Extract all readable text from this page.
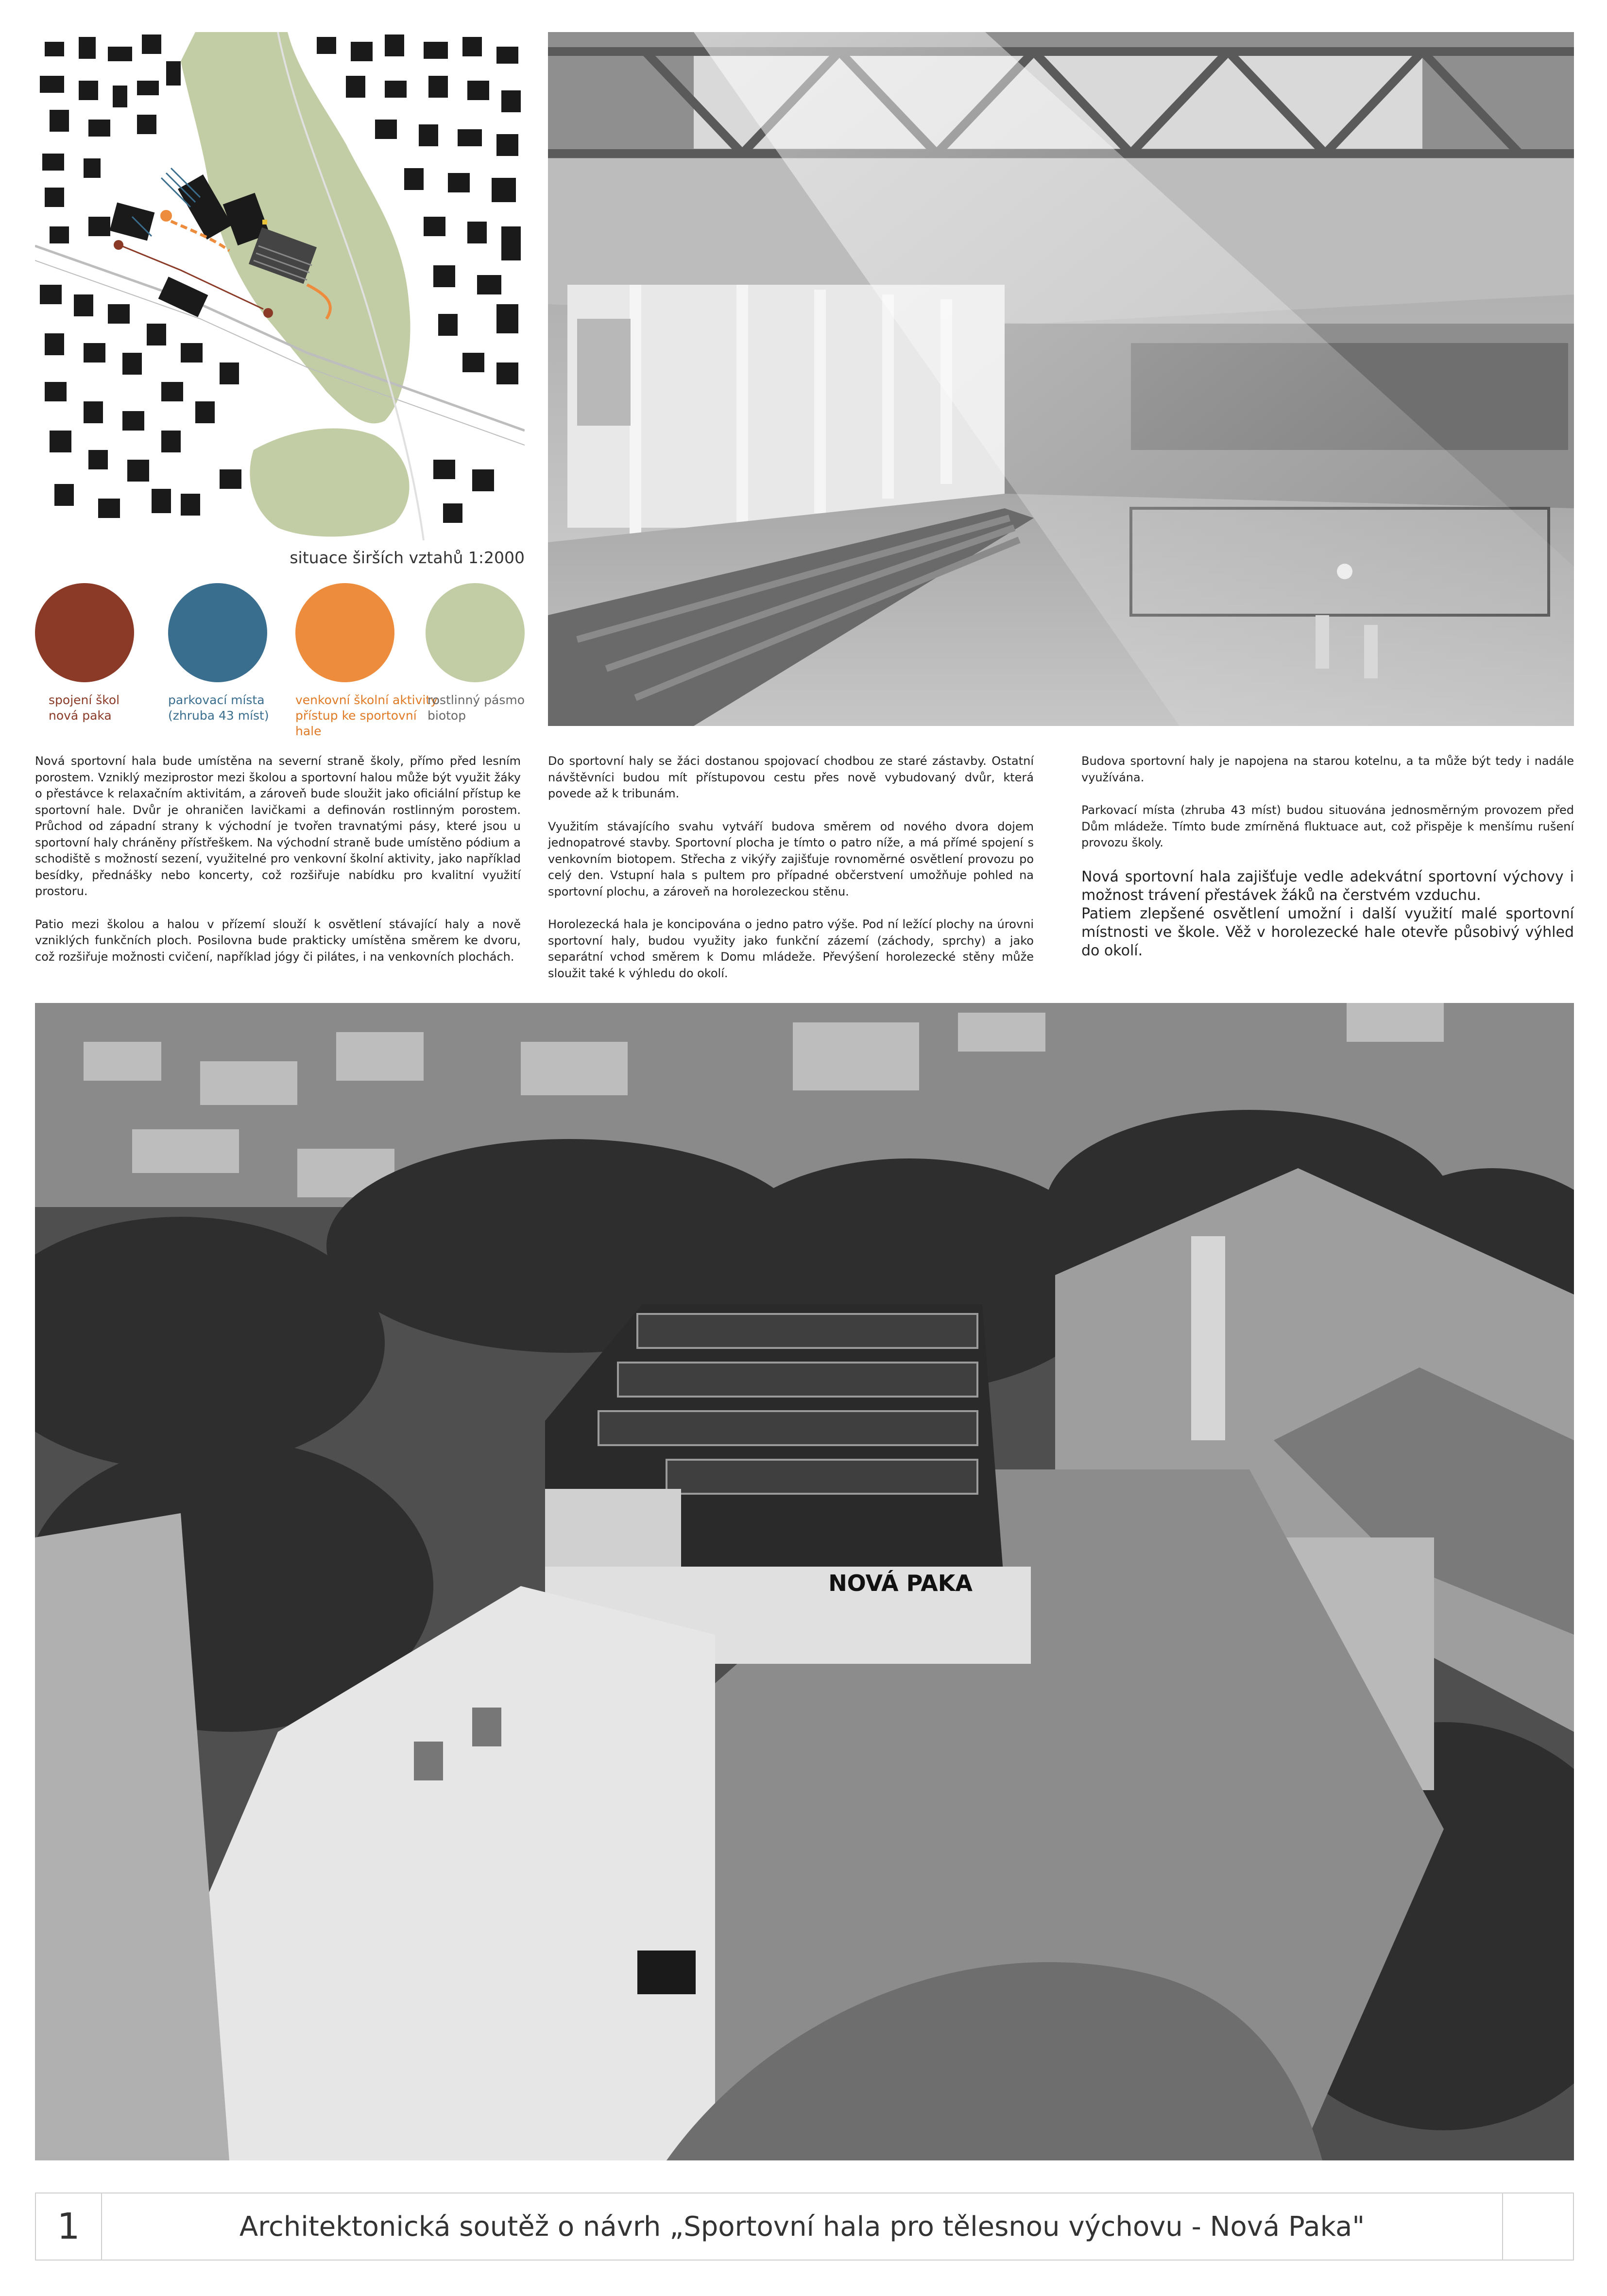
situace širších vztahů 1:2000
spojení škol
nová paka
parkovací místa
(zhruba 43 míst)
venkovní školní aktivity
přístup ke sportovní hale
rostlinný pásmo
biotop

Nová sportovní hala bude umístěna na severní straně školy, přímo před lesním porostem. Vzniklý meziprostor mezi školou a sportovní halou může být využit žáky o přestávce k relaxačním aktivitám, a zároveň bude sloužit jako oficiální přístup ke sportovní hale. Dvůr je ohraničen lavičkami a definován rostlinným porostem. Průchod od západní strany k východní je tvořen travnatými pásy, které jsou u sportovní haly chráněny přístřeškem. Na východní straně bude umístěno pódium a schodiště s možností sezení, využitelné pro venkovní školní aktivity, jako například besídky, přednášky nebo koncerty, což rozšiřuje nabídku pro kvalitní využití prostoru.

Patio mezi školou a halou v přízemí slouží k osvětlení stávající haly a nově vzniklých funkčních ploch. Posilovna bude prakticky umístěna směrem ke dvoru, což rozšiřuje možnosti cvičení, například jógy či pilátes, i na venkovních plochách.

Do sportovní haly se žáci dostanou spojovací chodbou ze staré zástavby. Ostatní návštěvníci budou mít přístupovou cestu přes nově vybudovaný dvůr, která povede až k tribunám.

Využitím stávajícího svahu vytváří budova směrem od nového dvora dojem jednopatrové stavby. Sportovní plocha je tímto o patro níže, a má přímé spojení s venkovním biotopem. Střecha z vikýřy zajišťuje rovnoměrné osvětlení provozu po celý den. Vstupní hala s pultem pro případné občerstvení umožňuje pohled na sportovní plochu, a zároveň na horolezeckou stěnu.

Horolezecká hala je koncipována o jedno patro výše. Pod ní ležící plochy na úrovni sportovní haly, budou využity jako funkční zázemí (záchody, sprchy) a jako separátní vchod směrem k Domu mládeže. Převýšení horolezecké stěny může sloužit také k výhledu do okolí.

Budova sportovní haly je napojena na starou kotelnu, a ta může být tedy i nadále využívána.

Parkovací místa (zhruba 43 míst) budou situována jednosměrným provozem před Dům mládeže. Tímto bude zmírněná fluktuace aut, což přispěje k menšímu rušení provozu školy.

Nová sportovní hala zajišťuje vedle adekvátní sportovní výchovy i možnost trávení přestávek žáků na čerstvém vzduchu.

Patiem zlepšené osvětlení umožní i další využití malé sportovní místnosti ve škole. Věž v horolezecké hale otevře působivý výhled do okolí.

NOVÁ PAKA
1	Architektonická soutěž o návrh „Sportovní hala pro tělesnou výchovu - Nová Paka"
